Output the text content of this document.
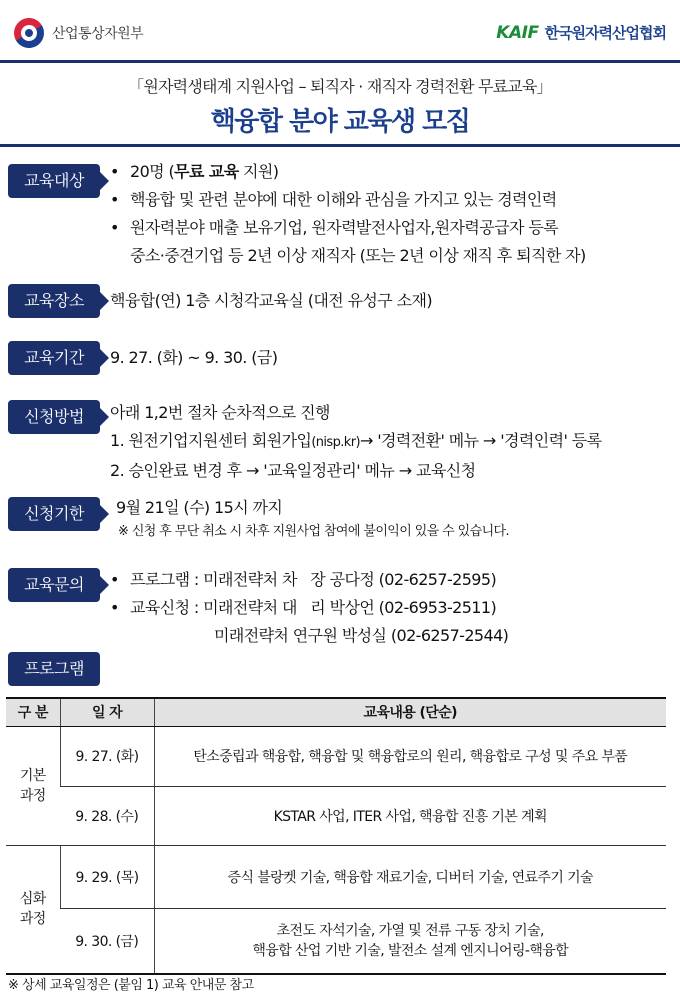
산업통상자원부	KAIF 한국원자력산업협회
「원자력생태계 지원사업 – 퇴직자 · 재직자 경력전환 무료교육」
핵융합 분야 교육생 모집
교육대상	• 20명 (무료 교육 지원)
• 핵융합 및 관련 분야에 대한 이해와 관심을 가지고 있는 경력인력
• 원자력분야 매출 보유기업, 원자력발전사업자,원자력공급자 등록
중소·중견기업 등 2년 이상 재직자 (또는 2년 이상 재직 후 퇴직한 자)
교육장소	핵융합(연) 1층 시청각교육실 (대전 유성구 소재)
교육기간	9. 27. (화) ~ 9. 30. (금)
신청방법	아래 1,2번 절차 순차적으로 진행
1. 원전기업지원센터 회원가입(nisp.kr)→ '경력전환' 메뉴 → '경력인력' 등록
2. 승인완료 변경 후 → '교육일정관리' 메뉴 → 교육신청
신청기한	9월 21일 (수) 15시 까지
※ 신청 후 무단 취소 시 차후 지원사업 참여에 불이익이 있을 수 있습니다.
교육문의	• 프로그램 : 미래전략처 차   장 공다정 (02-6257-2595)
• 교육신청 : 미래전략처 대   리 박상언 (02-6953-2511)
미래전략처 연구원 박성실 (02-6257-2544)
프로그램
구 분	일 자	교육내용 (단순)
기본
과정	9. 27. (화)	탄소중립과 핵융합, 핵융합 및 핵융합로의 원리, 핵융합로 구성 및 주요 부품
	9. 28. (수)	KSTAR 사업, ITER 사업, 핵융합 진흥 기본 계획
심화
과정	9. 29. (목)	증식 블랑켓 기술, 핵융합 재료기술, 디버터 기술, 연료주기 기술
	9. 30. (금)	초전도 자석기술, 가열 및 전류 구동 장치 기술,
핵융합 산업 기반 기술, 발전소 설계 엔지니어링-핵융합
※ 상세 교육일정은 (붙임 1) 교육 안내문 참고
